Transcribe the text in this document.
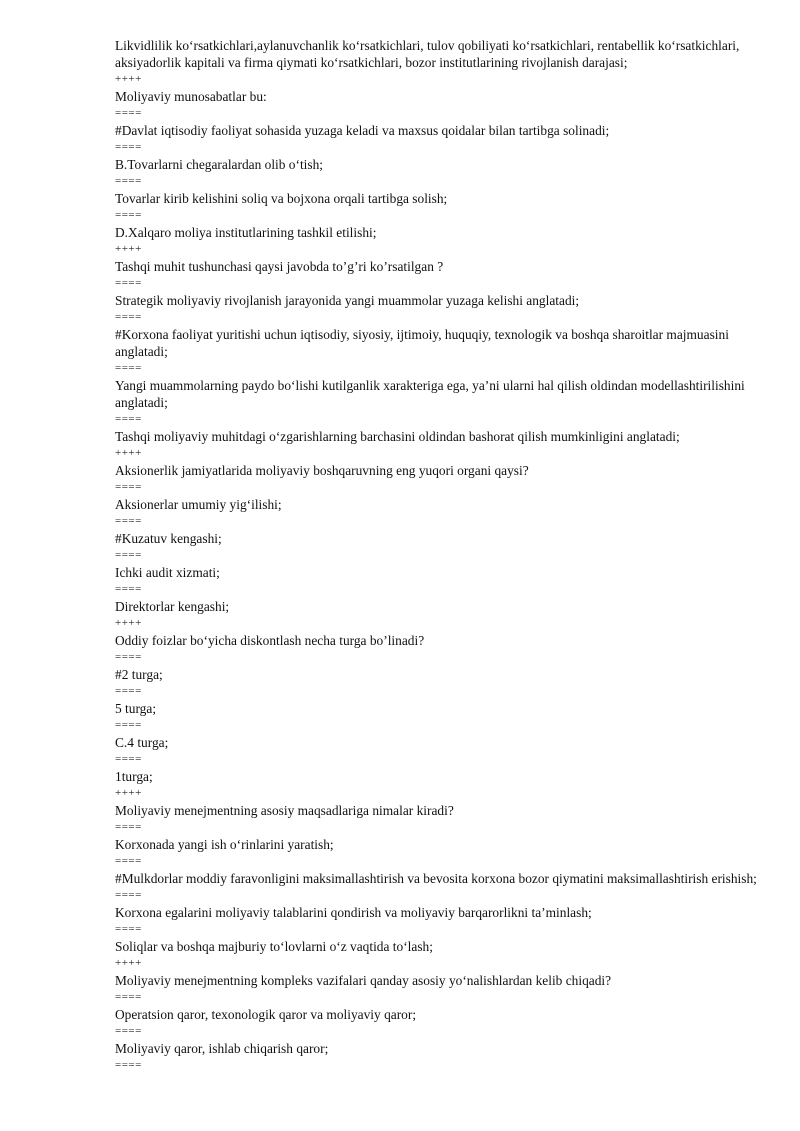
Likvidlilik ko‘rsatkichlari,aylanuvchanlik ko‘rsatkichlari, tulov qobiliyati ko‘rsatkichlari, rentabellik ko‘rsatkichlari, aksiyadorlik kapitali va firma qiymati ko‘rsatkichlari, bozor institutlarining rivojlanish darajasi;

++++

Moliyaviy munosabatlar bu:

====

#Davlat iqtisodiy faoliyat sohasida yuzaga keladi va maxsus qoidalar bilan tartibga solinadi;

====

B.Tovarlarni chegaralardan olib o‘tish;

====

Tovarlar kirib kelishini soliq va bojxona orqali tartibga solish;

====

D.Xalqaro moliya institutlarining tashkil etilishi;

++++

Tashqi muhit tushunchasi qaysi javobda to’g’ri ko’rsatilgan ?

====

Strategik moliyaviy rivojlanish jarayonida yangi muammolar yuzaga kelishi anglatadi;

====

#Korxona faoliyat yuritishi uchun iqtisodiy, siyosiy, ijtimoiy, huquqiy, texnologik va boshqa sharoitlar majmuasini anglatadi;

====

Yangi muammolarning paydo bo‘lishi kutilganlik xarakteriga ega, ya’ni ularni hal qilish oldindan modellashtirilishini anglatadi;

====

Tashqi moliyaviy muhitdagi o‘zgarishlarning barchasini oldindan bashorat qilish mumkinligini anglatadi;

++++

Aksionerlik jamiyatlarida moliyaviy boshqaruvning eng yuqori organi qaysi?

====

Aksionerlar umumiy yig‘ilishi;

====

#Kuzatuv kengashi;

====

Ichki audit xizmati;

====

Direktorlar kengashi;

++++

Oddiy foizlar bo‘yicha diskontlash necha turga bo’linadi?

====

#2 turga;

====

5 turga;

====

C.4 turga;

====

1turga;

++++

Moliyaviy menejmentning asosiy maqsadlariga nimalar kiradi?

====

Korxonada yangi ish o‘rinlarini yaratish;

====

#Mulkdorlar moddiy faravonligini maksimallashtirish va bevosita korxona bozor qiymatini maksimallashtirish erishish;

====

Korxona egalarini moliyaviy talablarini qondirish va moliyaviy barqarorlikni ta’minlash;

====

Soliqlar va boshqa majburiy to‘lovlarni o‘z vaqtida to‘lash;

++++

Moliyaviy menejmentning kompleks vazifalari qanday asosiy yo‘nalishlardan kelib chiqadi?

====

Operatsion qaror, texonologik qaror va moliyaviy qaror;

====

Moliyaviy qaror, ishlab chiqarish qaror;

====
